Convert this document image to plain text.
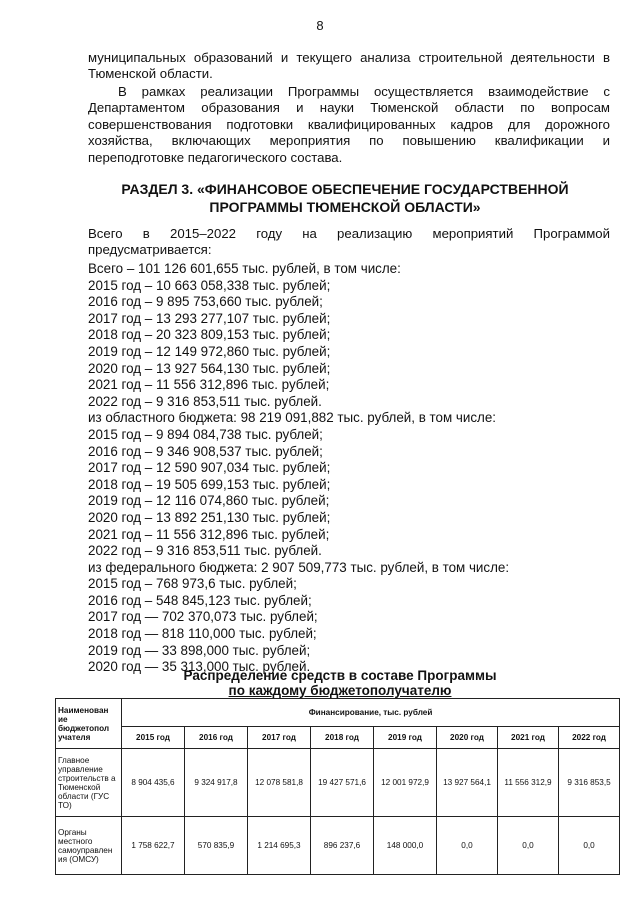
8
муниципальных образований и текущего анализа строительной деятельности в Тюменской области.
В рамках реализации Программы осуществляется взаимодействие с Департаментом образования и науки Тюменской области по вопросам совершенствования подготовки квалифицированных кадров для дорожного хозяйства, включающих мероприятия по повышению квалификации и переподготовке педагогического состава.
РАЗДЕЛ 3. «ФИНАНСОВОЕ ОБЕСПЕЧЕНИЕ ГОСУДАРСТВЕННОЙ
ПРОГРАММЫ ТЮМЕНСКОЙ ОБЛАСТИ»
Всего в 2015–2022 году на реализацию мероприятий Программой
предусматривается:
Всего – 101 126 601,655 тыс. рублей, в том числе:
2015 год – 10 663 058,338 тыс. рублей;
2016 год – 9 895 753,660 тыс. рублей;
2017 год – 13 293 277,107 тыс. рублей;
2018 год – 20 323 809,153 тыс. рублей;
2019 год – 12 149 972,860 тыс. рублей;
2020 год – 13 927 564,130 тыс. рублей;
2021 год – 11 556 312,896 тыс. рублей;
2022 год – 9 316 853,511 тыс. рублей.
из областного бюджета: 98 219 091,882 тыс. рублей, в том числе:
2015 год – 9 894 084,738 тыс. рублей;
2016 год – 9 346 908,537 тыс. рублей;
2017 год – 12 590 907,034 тыс. рублей;
2018 год – 19 505 699,153 тыс. рублей;
2019 год – 12 116 074,860 тыс. рублей;
2020 год – 13 892 251,130 тыс. рублей;
2021 год – 11 556 312,896 тыс. рублей;
2022 год – 9 316 853,511 тыс. рублей.
из федерального бюджета: 2 907 509,773 тыс. рублей, в том числе:
2015 год – 768 973,6 тыс. рублей;
2016 год – 548 845,123 тыс. рублей;
2017 год — 702 370,073 тыс. рублей;
2018 год — 818 110,000 тыс. рублей;
2019 год — 33 898,000 тыс. рублей;
2020 год — 35 313,000 тыс. рублей.
Распределение средств в составе Программы
по каждому бюджетополучателю
Наименован ие бюджетопол учателя	Финансирование, тыс. рублей							
	2015 год	2016 год	2017 год	2018 год	2019 год	2020 год	2021 год	2022 год
Главное управление строительств а Тюменской области (ГУС ТО)	8 904 435,6	9 324 917,8	12 078 581,8	19 427 571,6	12 001 972,9	13 927 564,1	11 556 312,9	9 316 853,5
Органы местного самоуправлен ия (ОМСУ)	1 758 622,7	570 835,9	1 214 695,3	896 237,6	148 000,0	0,0	0,0	0,0
